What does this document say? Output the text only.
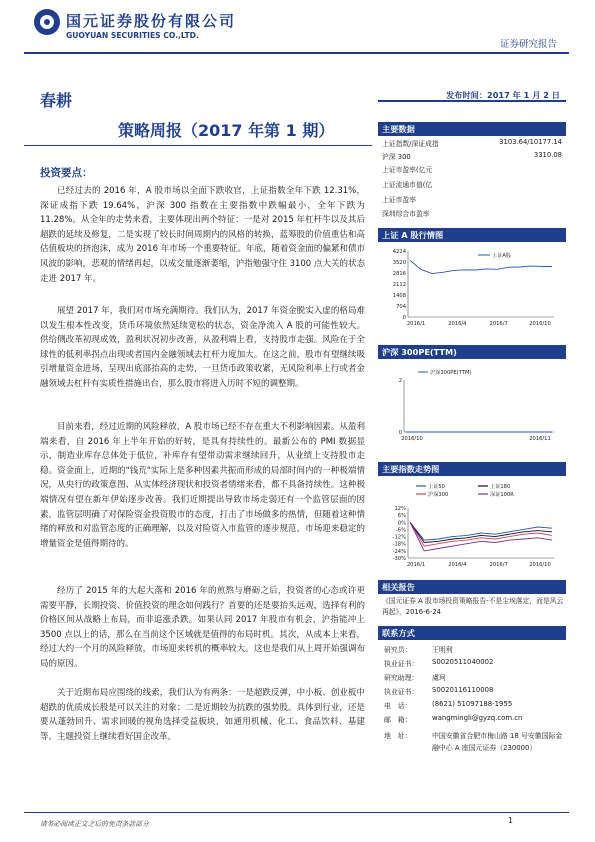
国元证券股份有限公司
GUOYUAN SECURITIES CO.,LTD.
证券研究报告
春耕
策略周报（2017 年第 1 期）
投资要点：

已经过去的 2016 年，A 股市场以全面下跌收官，上证指数全年下跌 12.31%，深证成指下跌 19.64%，沪深 300 指数在主要指数中跌幅最小，全年下跌为 11.28%。从全年的走势来看，主要体现出两个特征：一是对 2015 年杠杆牛以及其后超跌的延续及修复，二是实现了较长时间周期内的风格的转换，蓝筹股的价值重估和高估值板块的挤泡沫，成为 2016 年市场一个重要特征。年底，随着资金面的偏紧和债市风波的影响，悲观的情绪再起，以成交量逐渐萎缩，沪指勉强守住 3100 点大关的状态走进 2017 年。

展望 2017 年，我们对市场充满期待。我们认为，2017 年资金脱实入虚的格局难以发生根本性改变，货币环境依然延续宽松的状态，资金净流入 A 股的可能性较大。供给侧改革初现成效，盈利状况初步改善，从盈利端上看，支持股市走强。风险在于全球性的低利率拐点出现或者国内金融领域去杠杆力度加大。在这之前，股市有望继续吸引增量资金进场，呈现出底部抬高的走势，一旦货币政策收紧，无风险利率上行或者金融领域去杠杆有实质性措施出台，那么股市将进入历时不短的调整期。

目前来看，经过近期的风险释放，A 股市场已经不存在重大不利影响因素。从盈利端来看，自 2016 年上半年开始的好转，是具有持续性的。最新公布的 PMI 数据显示，制造业库存总体处于低位，补库存有望带动需求继续回升，从业绩上支持股市走稳。资金面上，近期的"钱荒"实际上是多种因素共振而形成的局部时间内的一种极端情况，从央行的政策意图、从实体经济现状和投资者情绪来看，都不具备持续性。这种极端情况有望在新年伊始逐步改善。我们近期提出导致市场走弱还有一个监管层面的因素，监管层明确了对保险资金投资股市的态度，打击了市场做多的热情，但随着这种情绪的释放和对监管态度的正确理解，以及对险资入市监管的逐步规范，市场迎来稳定的增量资金是值得期待的。

经历了 2015 年的大起大落和 2016 年的煎熬与磨砺之后，投资者的心态或许更需要平静，长期投资、价值投资的理念如何践行？首要的还是要抬头远观，选择有利的价格区间从战略上布局，而非追涨杀跌。如果认同 2017 年股市有机会，沪指能冲上 3500 点以上的话，那么在当前这个区域就是值得的布局时机。其次，从成本上来看，经过大约一个月的风险释放，市场迎来转机的概率较大。这也是我们从上周开始强调布局的原因。

关于近期布局应围绕的线索，我们认为有两条：一是超跌反弹，中小板、创业板中超跌的优质成长股是可以关注的对象；二是近期较为抗跌的强势股。具体到行业，还是要从蓬勃回升、需求回暖的视角选择受益板块，如通用机械、化工、食品饮料、基建等。主题投资上继续看好国企改革。

发布时间：2017 年 1 月 2 日
主要数据
上证指数/深证成指	3103.64/10177.14
沪深 300	3310.08
上证市盈率(亿元
上证流通市值(亿
上证市盈率
深圳综合市盈率
上证 A 股行情图
4224
3520
2816
2112
1408
704
0
2016/1	2016/4	2016/7	2016/10
上证A股
沪深 300PE(TTM)
2
0
2016/10	2016/11
沪深300PE(TTM)
主要指数走势图
12%
6%
0%
-6%
-12%
-18%
-24%
-30%
2016/1	2016/4	2016/7	2016/10
上证50	上证180
沪深300	深证100R
相关报告
《国元证券 A 股市场投资策略报告-不是尘埃落定，而是风云再起》，2016-6-24
联系方式
研究员：	王明利
执业证书： S0020511040002
研究助理： 虞珂
执业证书： S0020116110008
电　话：	(8621) 51097188-1955
邮　箱：	wangmingli@gyzq.com.cn
地　址：	中国安徽省合肥市梅山路 18 号安徽国际金融中心 A 座国元证券（230000）
请务必阅读正文之后的免责条款部分	1
